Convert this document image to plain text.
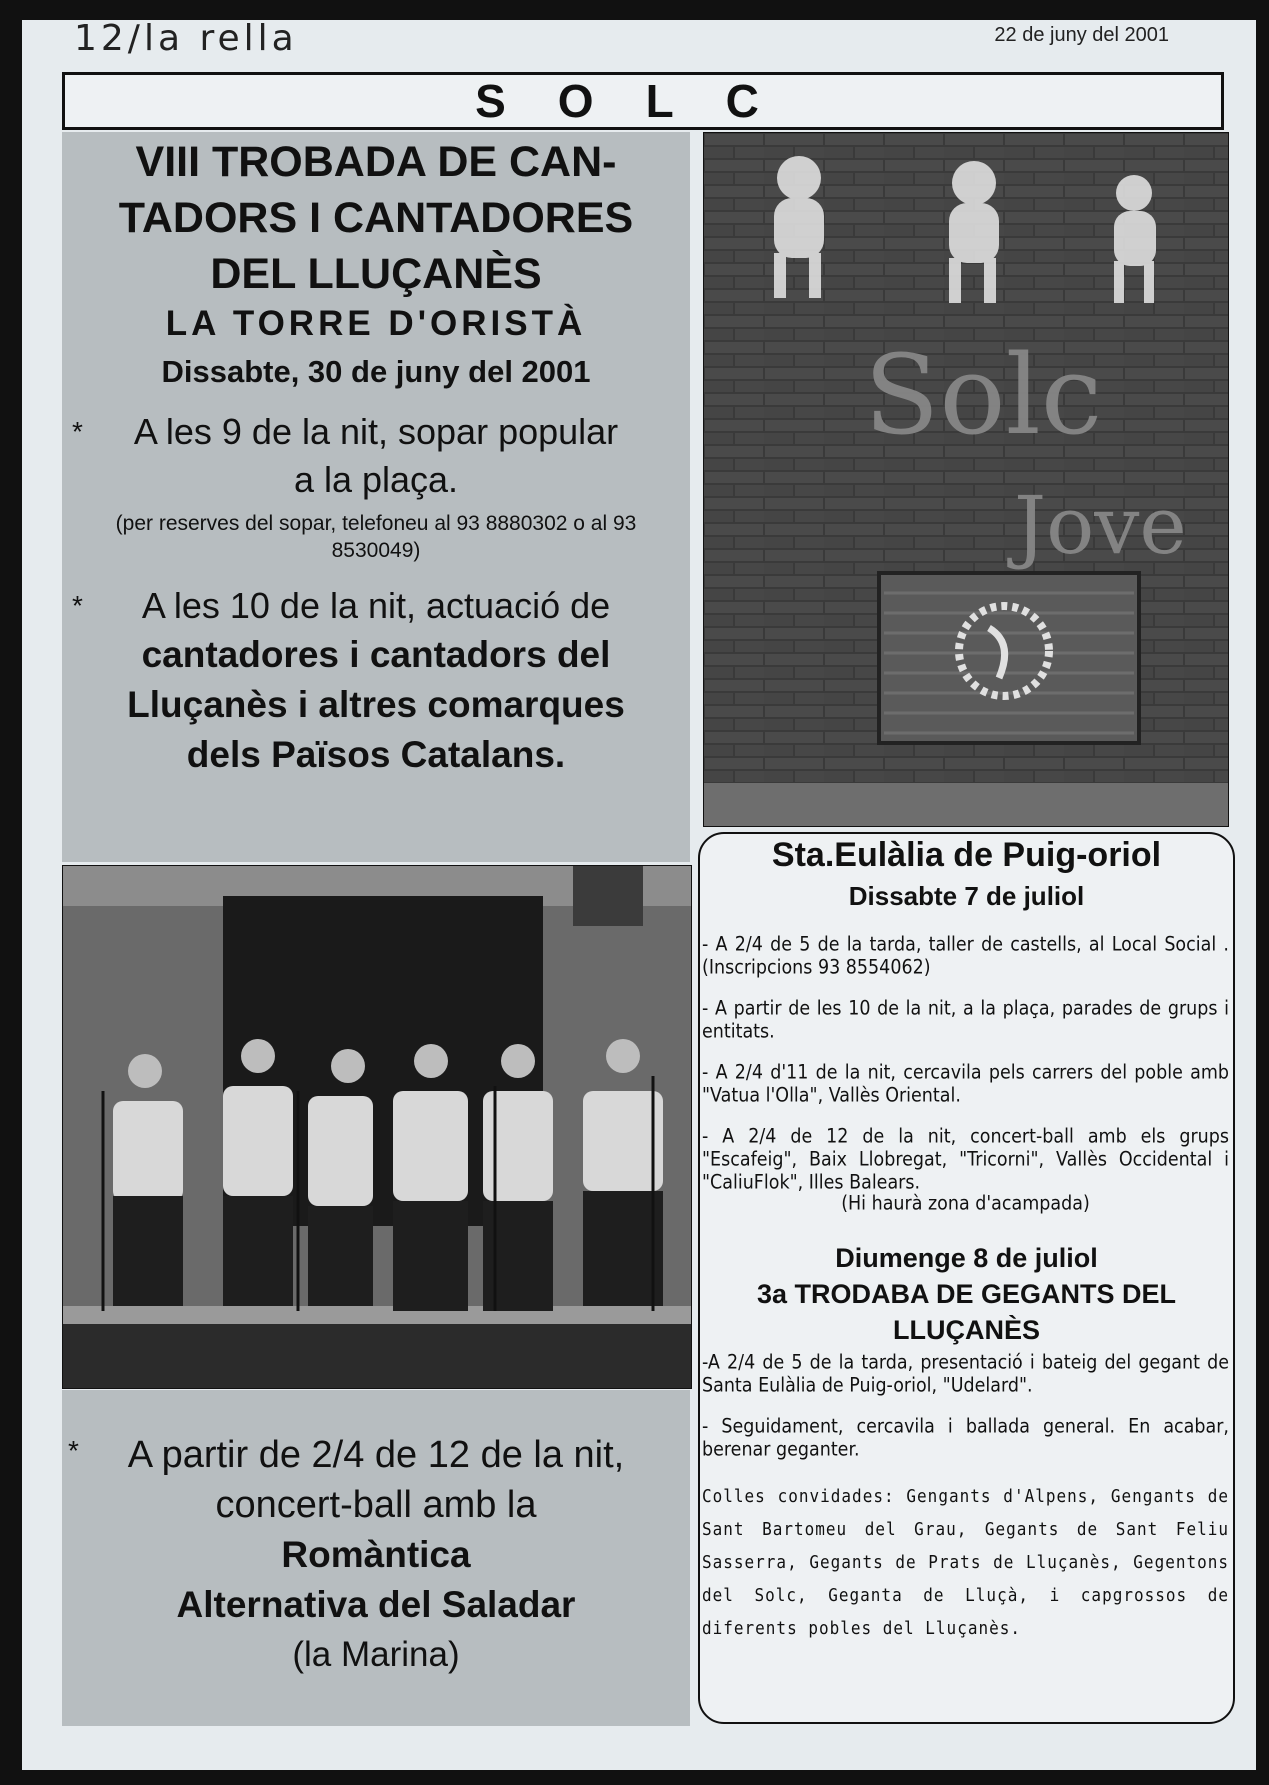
12/la rella	22 de juny del 2001
SOLC
VIII TROBADA DE CAN-
TADORS I CANTADORES
DEL LLUÇANÈS
LA TORRE D'ORISTÀ
Dissabte, 30 de juny del 2001
*	A les 9 de la nit, sopar popular
a la plaça.
(per reserves del sopar, telefoneu al 93 8880302 o al 93 8530049)
*	A les 10 de la nit, actuació de
cantadores i cantadors del
Lluçanès i altres comarques
dels Països Catalans.
Solc
Jove
* A partir de 2/4 de 12 de la nit,
concert-ball amb la
Romàntica
Alternativa del Saladar
(la Marina)
Sta.Eulàlia de Puig-oriol
Dissabte 7 de juliol
- A 2/4 de 5 de la tarda, taller de castells, al Local Social .(Inscripcions 93 8554062)
- A partir de les 10 de la nit, a la plaça, parades de grups i entitats.
- A 2/4 d'11 de la nit, cercavila pels carrers del poble amb "Vatua l'Olla", Vallès Oriental.
- A 2/4 de 12 de la nit, concert-ball amb els grups "Escafeig", Baix Llobregat, "Tricorni", Vallès Occidental i "CaliuFlok", Illes Balears.
(Hi haurà zona d'acampada)
Diumenge 8 de juliol
3a TRODABA DE GEGANTS DEL
LLUÇANÈS
-A 2/4 de 5 de la tarda, presentació i bateig del gegant de Santa Eulàlia de Puig-oriol, "Udelard".
- Seguidament, cercavila i ballada general. En acabar, berenar geganter.
Colles convidades: Gengants d'Alpens, Gengants de Sant Bartomeu del Grau, Gegants de Sant Feliu Sasserra, Gegants de Prats de Lluçanès, Gegentons del Solc, Geganta de Lluçà, i capgrossos de diferents pobles del Lluçanès.
